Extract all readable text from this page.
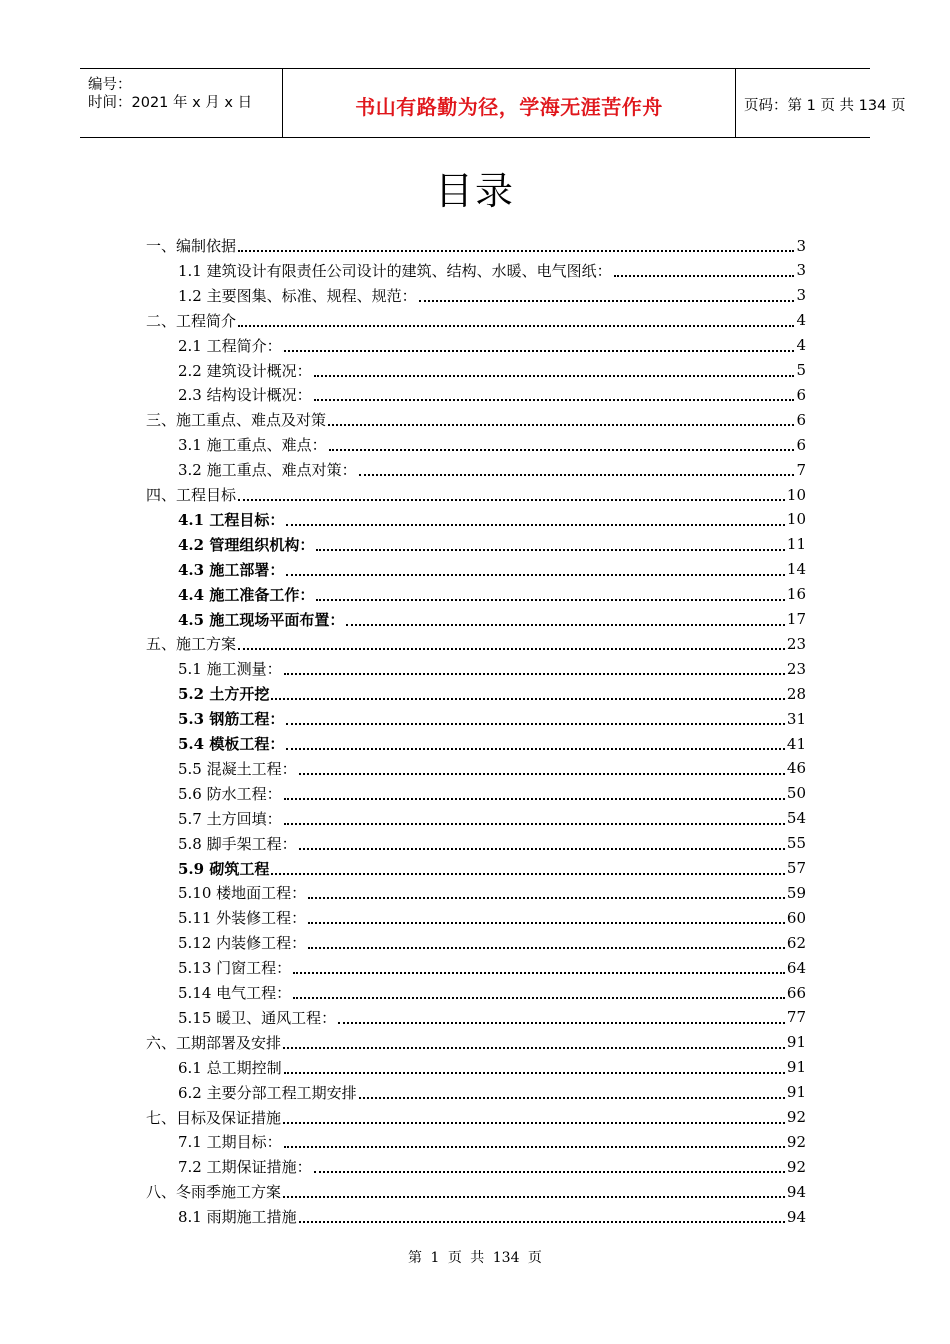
编号：
时间：2021 年 x 月 x 日	书山有路勤为径，学海无涯苦作舟	页码：第 1 页 共 134 页
目录
一、编制依据	3
1.1 建筑设计有限责任公司设计的建筑、结构、水暖、电气图纸：	3
1.2 主要图集、标准、规程、规范：	3
二、工程简介	4
2.1 工程简介：	4
2.2 建筑设计概况：	5
2.3 结构设计概况：	6
三、施工重点、难点及对策	6
3.1 施工重点、难点：	6
3.2 施工重点、难点对策：	7
四、工程目标	10
4.1 工程目标：	10
4.2 管理组织机构：	11
4.3 施工部署：	14
4.4 施工准备工作：	16
4.5 施工现场平面布置：	17
五、施工方案	23
5.1 施工测量：	23
5.2 土方开挖	28
5.3 钢筋工程：	31
5.4 模板工程：	41
5.5 混凝土工程：	46
5.6 防水工程：	50
5.7 土方回填：	54
5.8 脚手架工程：	55
5.9 砌筑工程	57
5.10 楼地面工程：	59
5.11 外装修工程：	60
5.12 内装修工程：	62
5.13 门窗工程：	64
5.14 电气工程：	66
5.15 暖卫、通风工程：	77
六、工期部署及安排	91
6.1 总工期控制	91
6.2 主要分部工程工期安排	91
七、目标及保证措施	92
7.1 工期目标：	92
7.2 工期保证措施：	92
八、冬雨季施工方案	94
8.1 雨期施工措施	94
第 1 页 共 134 页
